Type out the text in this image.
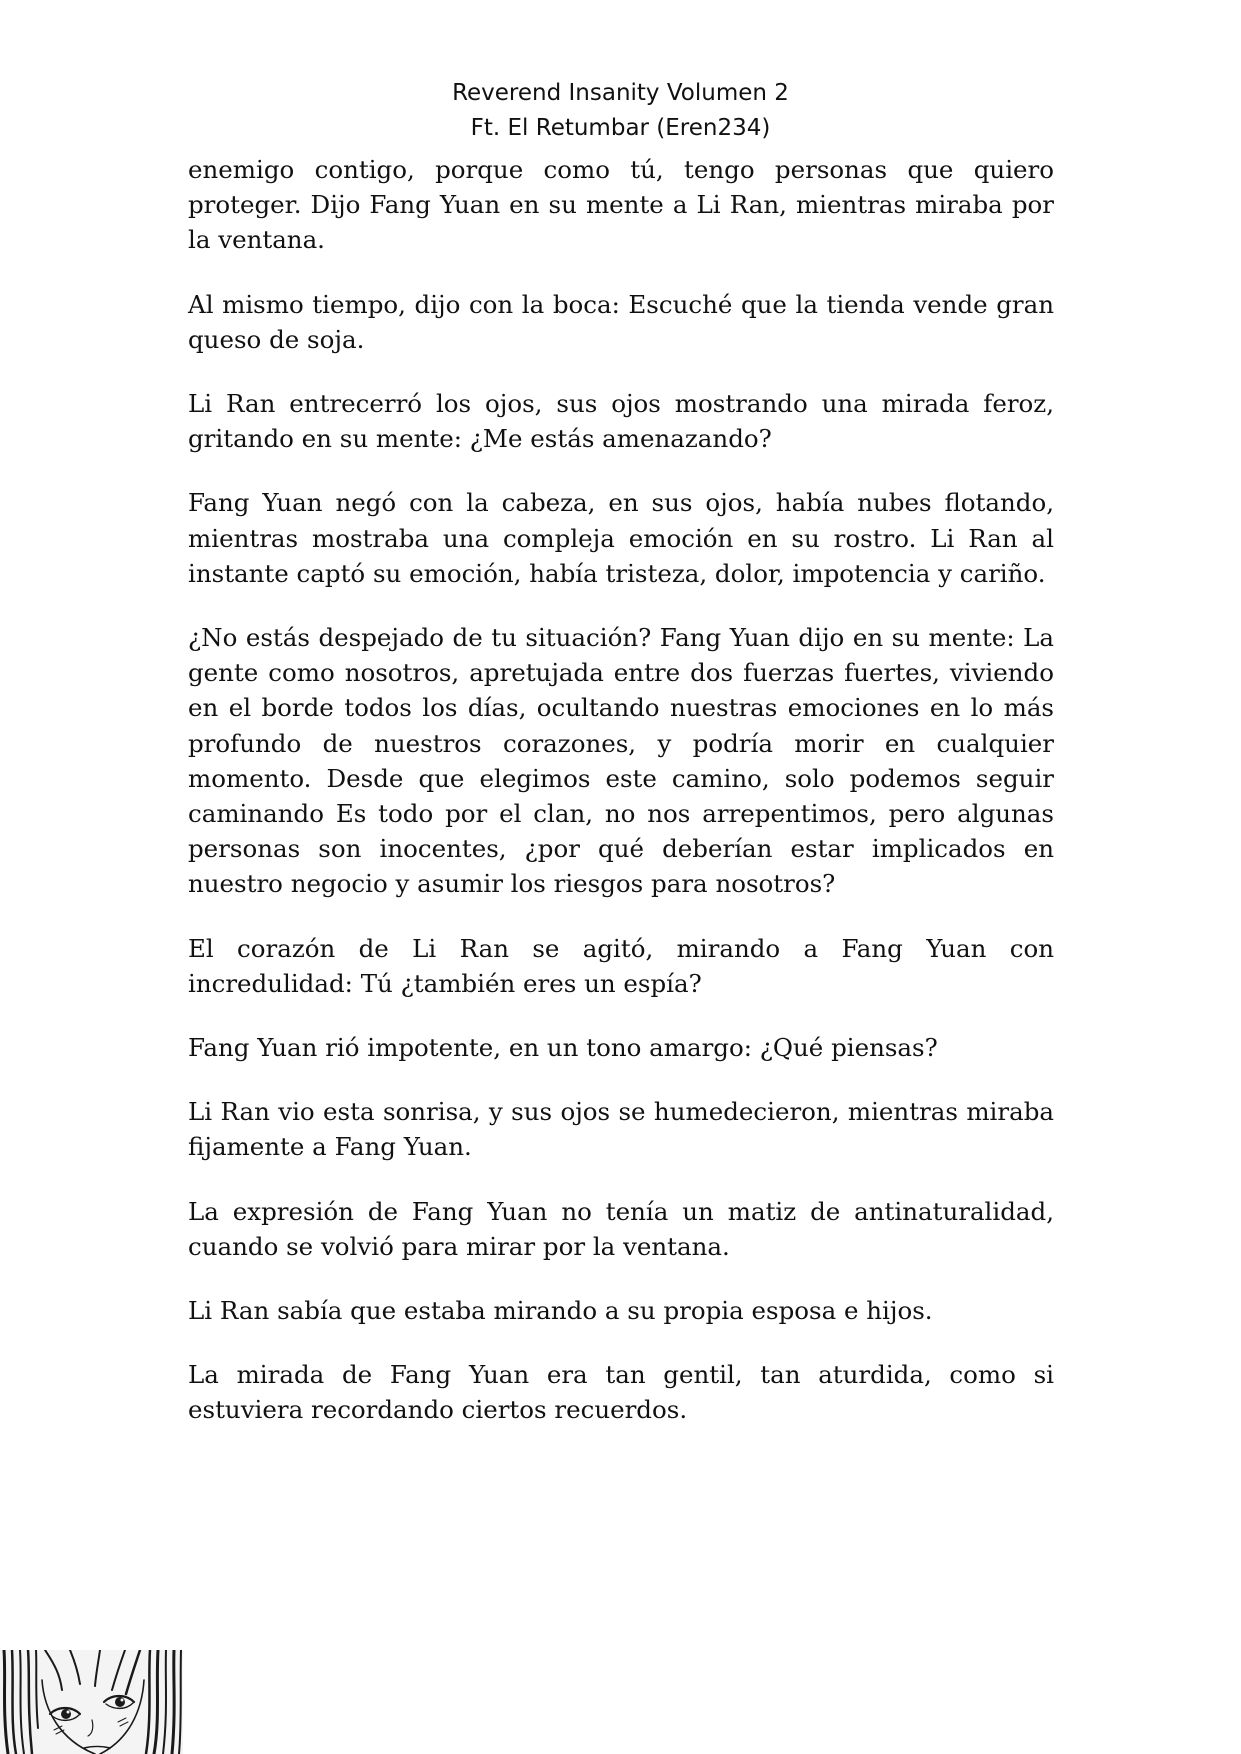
Reverend Insanity Volumen 2
Ft. El Retumbar (Eren234)

enemigo contigo, porque como tú, tengo personas que quiero proteger. Dijo Fang Yuan en su mente a Li Ran, mientras miraba por la ventana.

Al mismo tiempo, dijo con la boca: Escuché que la tienda vende gran queso de soja.

Li Ran entrecerró los ojos, sus ojos mostrando una mirada feroz, gritando en su mente: ¿Me estás amenazando?

Fang Yuan negó con la cabeza, en sus ojos, había nubes flotando, mientras mostraba una compleja emoción en su rostro. Li Ran al instante captó su emoción, había tristeza, dolor, impotencia y cariño.

¿No estás despejado de tu situación? Fang Yuan dijo en su mente: La gente como nosotros, apretujada entre dos fuerzas fuertes, viviendo en el borde todos los días, ocultando nuestras emociones en lo más profundo de nuestros corazones, y podría morir en cualquier momento. Desde que elegimos este camino, solo podemos seguir caminando Es todo por el clan, no nos arrepentimos, pero algunas personas son inocentes, ¿por qué deberían estar implicados en nuestro negocio y asumir los riesgos para nosotros?

El corazón de Li Ran se agitó, mirando a Fang Yuan con incredulidad: Tú ¿también eres un espía?

Fang Yuan rió impotente, en un tono amargo: ¿Qué piensas?

Li Ran vio esta sonrisa, y sus ojos se humedecieron, mientras miraba fijamente a Fang Yuan.

La expresión de Fang Yuan no tenía un matiz de antinaturalidad, cuando se volvió para mirar por la ventana.

Li Ran sabía que estaba mirando a su propia esposa e hijos.

La mirada de Fang Yuan era tan gentil, tan aturdida, como si estuviera recordando ciertos recuerdos.
